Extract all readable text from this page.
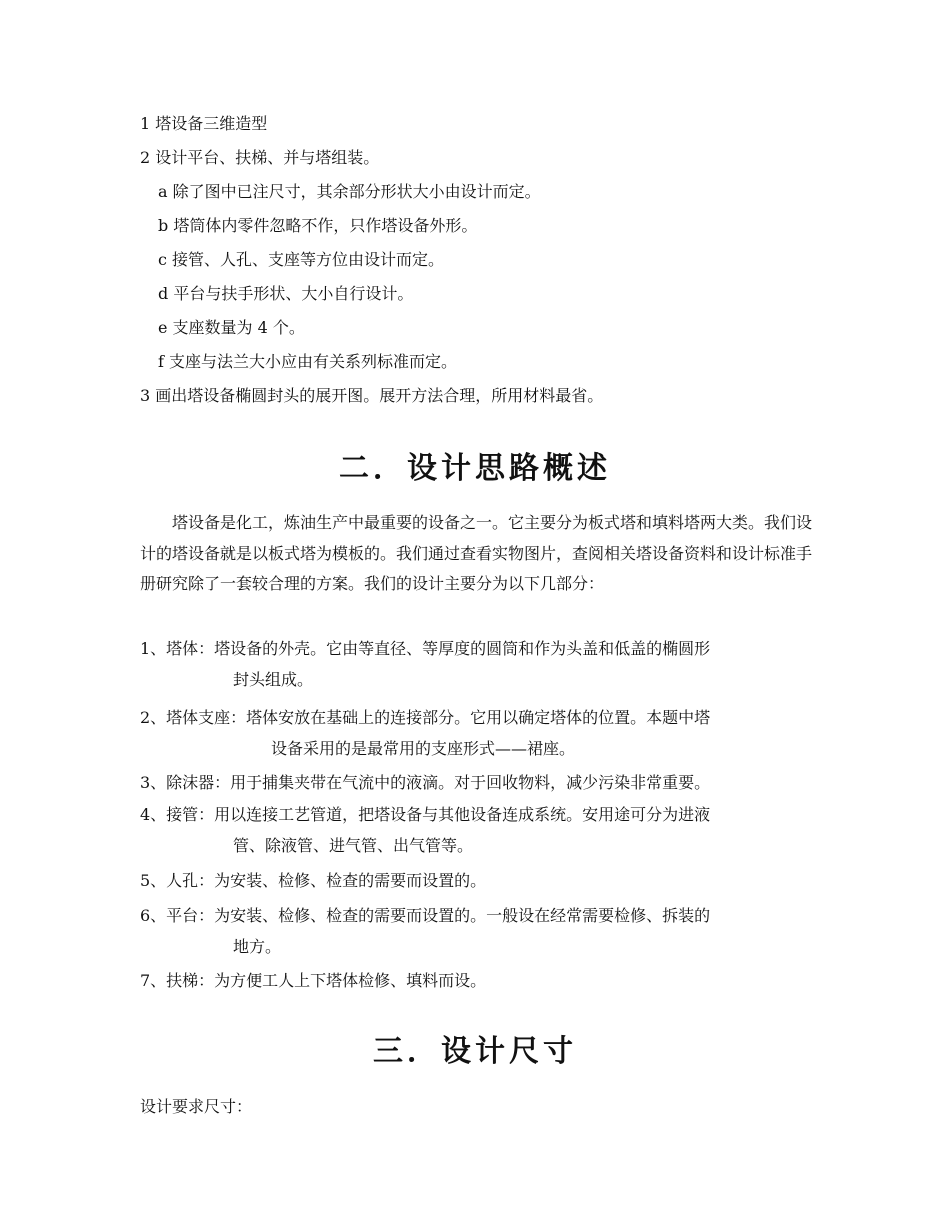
1 塔设备三维造型
2 设计平台、扶梯、并与塔组装。
a 除了图中已注尺寸，其余部分形状大小由设计而定。
b 塔筒体内零件忽略不作，只作塔设备外形。
c 接管、人孔、支座等方位由设计而定。
d 平台与扶手形状、大小自行设计。
e 支座数量为 4 个。
f 支座与法兰大小应由有关系列标准而定。
3 画出塔设备椭圆封头的展开图。展开方法合理，所用材料最省。
二．设计思路概述
塔设备是化工，炼油生产中最重要的设备之一。它主要分为板式塔和填料塔两大类。我们设计的塔设备就是以板式塔为模板的。我们通过查看实物图片，查阅相关塔设备资料和设计标准手册研究除了一套较合理的方案。我们的设计主要分为以下几部分：
1、塔体：塔设备的外壳。它由等直径、等厚度的圆筒和作为头盖和低盖的椭圆形
封头组成。
2、塔体支座：塔体安放在基础上的连接部分。它用以确定塔体的位置。本题中塔
设备采用的是最常用的支座形式——裙座。
3、除沫器：用于捕集夹带在气流中的液滴。对于回收物料，减少污染非常重要。
4、接管：用以连接工艺管道，把塔设备与其他设备连成系统。安用途可分为进液
管、除液管、进气管、出气管等。
5、人孔：为安装、检修、检查的需要而设置的。
6、平台：为安装、检修、检查的需要而设置的。一般设在经常需要检修、拆装的
地方。
7、扶梯：为方便工人上下塔体检修、填料而设。
三．设计尺寸
设计要求尺寸：
